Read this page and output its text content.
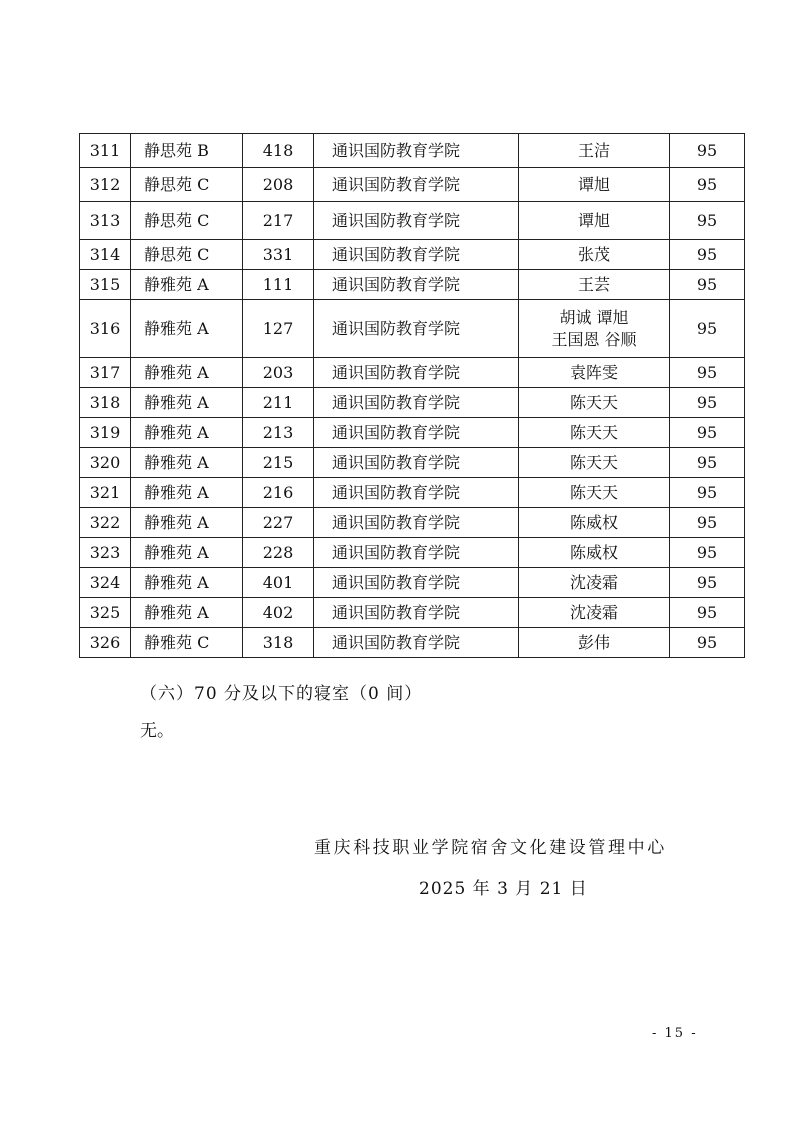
311	静思苑 B	418	通识国防教育学院	王洁	95
312	静思苑 C	208	通识国防教育学院	谭旭	95
313	静思苑 C	217	通识国防教育学院	谭旭	95
314	静思苑 C	331	通识国防教育学院	张茂	95
315	静雅苑 A	111	通识国防教育学院	王芸	95
316	静雅苑 A	127	通识国防教育学院	胡诚 谭旭
王国恩 谷顺	95
317	静雅苑 A	203	通识国防教育学院	袁阵雯	95
318	静雅苑 A	211	通识国防教育学院	陈天天	95
319	静雅苑 A	213	通识国防教育学院	陈天天	95
320	静雅苑 A	215	通识国防教育学院	陈天天	95
321	静雅苑 A	216	通识国防教育学院	陈天天	95
322	静雅苑 A	227	通识国防教育学院	陈威权	95
323	静雅苑 A	228	通识国防教育学院	陈威权	95
324	静雅苑 A	401	通识国防教育学院	沈凌霜	95
325	静雅苑 A	402	通识国防教育学院	沈凌霜	95
326	静雅苑 C	318	通识国防教育学院	彭伟	95
（六）70 分及以下的寝室（0 间）
无。
重庆科技职业学院宿舍文化建设管理中心
2025 年 3 月 21 日
- 15 -
